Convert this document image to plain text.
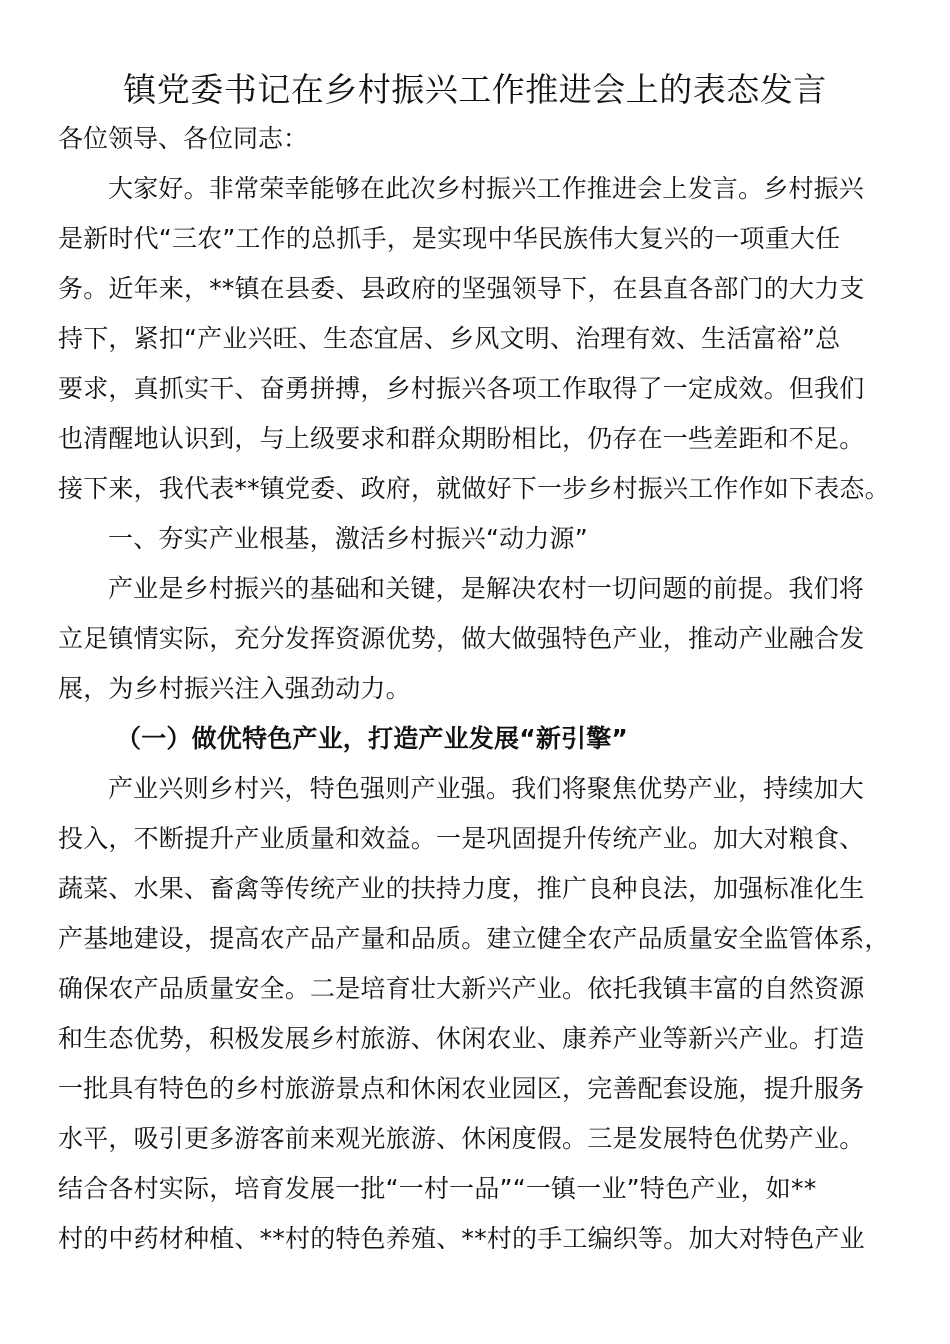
镇党委书记在乡村振兴工作推进会上的表态发言
各位领导、各位同志：
大家好。非常荣幸能够在此次乡村振兴工作推进会上发言。乡村振兴
是新时代“三农”工作的总抓手，是实现中华民族伟大复兴的一项重大任
务。近年来，**镇在县委、县政府的坚强领导下，在县直各部门的大力支
持下，紧扣“产业兴旺、生态宜居、乡风文明、治理有效、生活富裕”总
要求，真抓实干、奋勇拼搏，乡村振兴各项工作取得了一定成效。但我们
也清醒地认识到，与上级要求和群众期盼相比，仍存在一些差距和不足。
接下来，我代表**镇党委、政府，就做好下一步乡村振兴工作作如下表态。
一、夯实产业根基，激活乡村振兴“动力源”
产业是乡村振兴的基础和关键，是解决农村一切问题的前提。我们将
立足镇情实际，充分发挥资源优势，做大做强特色产业，推动产业融合发
展，为乡村振兴注入强劲动力。
（一）做优特色产业，打造产业发展“新引擎”
产业兴则乡村兴，特色强则产业强。我们将聚焦优势产业，持续加大
投入，不断提升产业质量和效益。一是巩固提升传统产业。加大对粮食、
蔬菜、水果、畜禽等传统产业的扶持力度，推广良种良法，加强标准化生
产基地建设，提高农产品产量和品质。建立健全农产品质量安全监管体系，
确保农产品质量安全。二是培育壮大新兴产业。依托我镇丰富的自然资源
和生态优势，积极发展乡村旅游、休闲农业、康养产业等新兴产业。打造
一批具有特色的乡村旅游景点和休闲农业园区，完善配套设施，提升服务
水平，吸引更多游客前来观光旅游、休闲度假。三是发展特色优势产业。
结合各村实际，培育发展一批“一村一品”“一镇一业”特色产业，如**
村的中药材种植、**村的特色养殖、**村的手工编织等。加大对特色产业
